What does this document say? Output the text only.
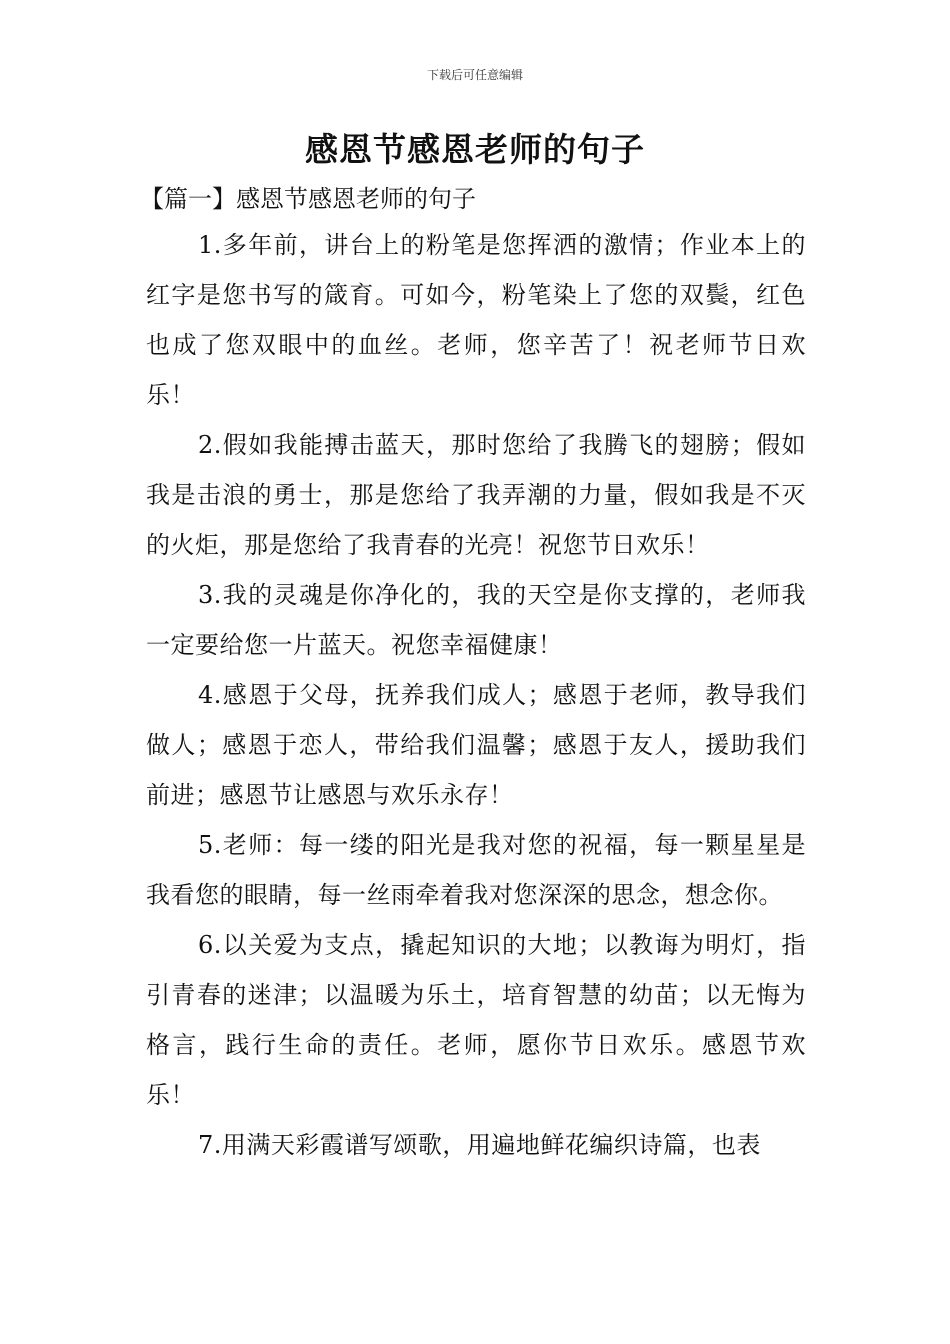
下载后可任意编辑
感恩节感恩老师的句子

【篇一】感恩节感恩老师的句子

1.多年前，讲台上的粉笔是您挥洒的激情；作业本上的红字是您书写的箴育。可如今，粉笔染上了您的双鬓，红色也成了您双眼中的血丝。老师，您辛苦了！祝老师节日欢乐！

2.假如我能搏击蓝天，那时您给了我腾飞的翅膀；假如我是击浪的勇士，那是您给了我弄潮的力量，假如我是不灭的火炬，那是您给了我青春的光亮！祝您节日欢乐！

3.我的灵魂是你净化的，我的天空是你支撑的，老师我一定要给您一片蓝天。祝您幸福健康！

4.感恩于父母，抚养我们成人；感恩于老师，教导我们做人；感恩于恋人，带给我们温馨；感恩于友人，援助我们前进；感恩节让感恩与欢乐永存！

5.老师：每一缕的阳光是我对您的祝福，每一颗星星是我看您的眼睛，每一丝雨牵着我对您深深的思念，想念你。

6.以关爱为支点，撬起知识的大地；以教诲为明灯，指引青春的迷津；以温暖为乐土，培育智慧的幼苗；以无悔为格言，践行生命的责任。老师，愿你节日欢乐。感恩节欢乐！

7.用满天彩霞谱写颂歌，用遍地鲜花编织诗篇，也表
